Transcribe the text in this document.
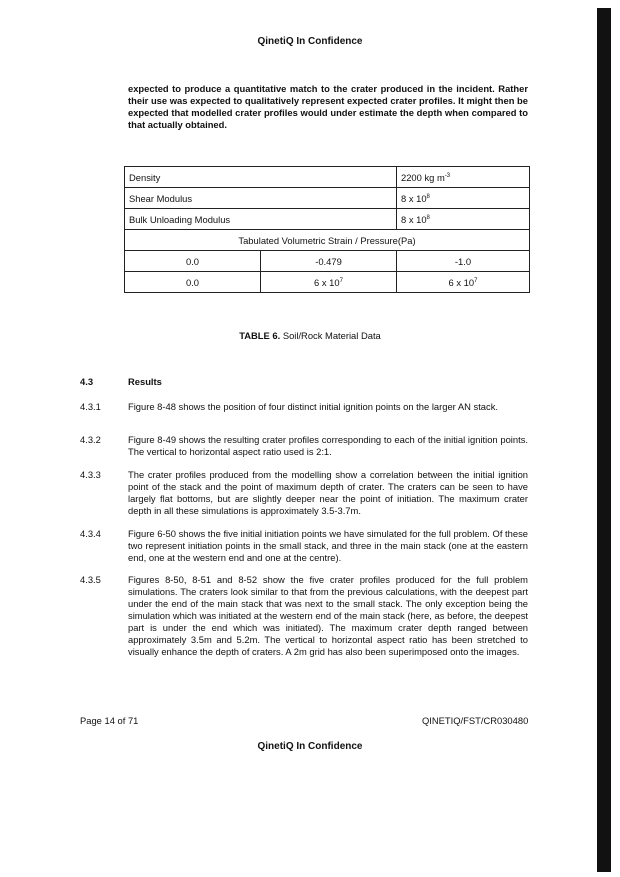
QinetiQ In Confidence
expected to produce a quantitative match to the crater produced in the incident. Rather their use was expected to qualitatively represent expected crater profiles. It might then be expected that modelled crater profiles would under estimate the depth when compared to that actually obtained.
Density		2200 kg $m^{-3}$
Shear Modulus		8 x $10^8$
Bulk Unloading Modulus		8 x $10^8$
Tabulated Volumetric Strain / Pressure(Pa)		
0.0	-0.479	-1.0
0.0	6 x $10^7$	6 x $10^7$
TABLE 6. Soil/Rock Material Data
4.3	Results
4.3.1	Figure 8-48 shows the position of four distinct initial ignition points on the larger AN stack.
4.3.2	Figure 8-49 shows the resulting crater profiles corresponding to each of the initial ignition points. The vertical to horizontal aspect ratio used is 2:1.
4.3.3	The crater profiles produced from the modelling show a correlation between the initial ignition point of the stack and the point of maximum depth of crater. The craters can be seen to have largely flat bottoms, but are slightly deeper near the point of initiation. The maximum crater depth in all these simulations is approximately 3.5-3.7m.
4.3.4	Figure 6-50 shows the five initial initiation points we have simulated for the full problem. Of these two represent initiation points in the small stack, and three in the main stack (one at the eastern end, one at the western end and one at the centre).
4.3.5	Figures 8-50, 8-51 and 8-52 show the five crater profiles produced for the full problem simulations. The craters look similar to that from the previous calculations, with the deepest part under the end of the main stack that was next to the small stack. The only exception being the simulation which was initiated at the western end of the main stack (here, as before, the deepest part is under the end which was initiated). The maximum crater depth ranged between approximately 3.5m and 5.2m. The vertical to horizontal aspect ratio has been stretched to visually enhance the depth of craters. A 2m grid has also been superimposed onto the images.
Page 14 of 71	QINETIQ/FST/CR030480
QinetiQ In Confidence
